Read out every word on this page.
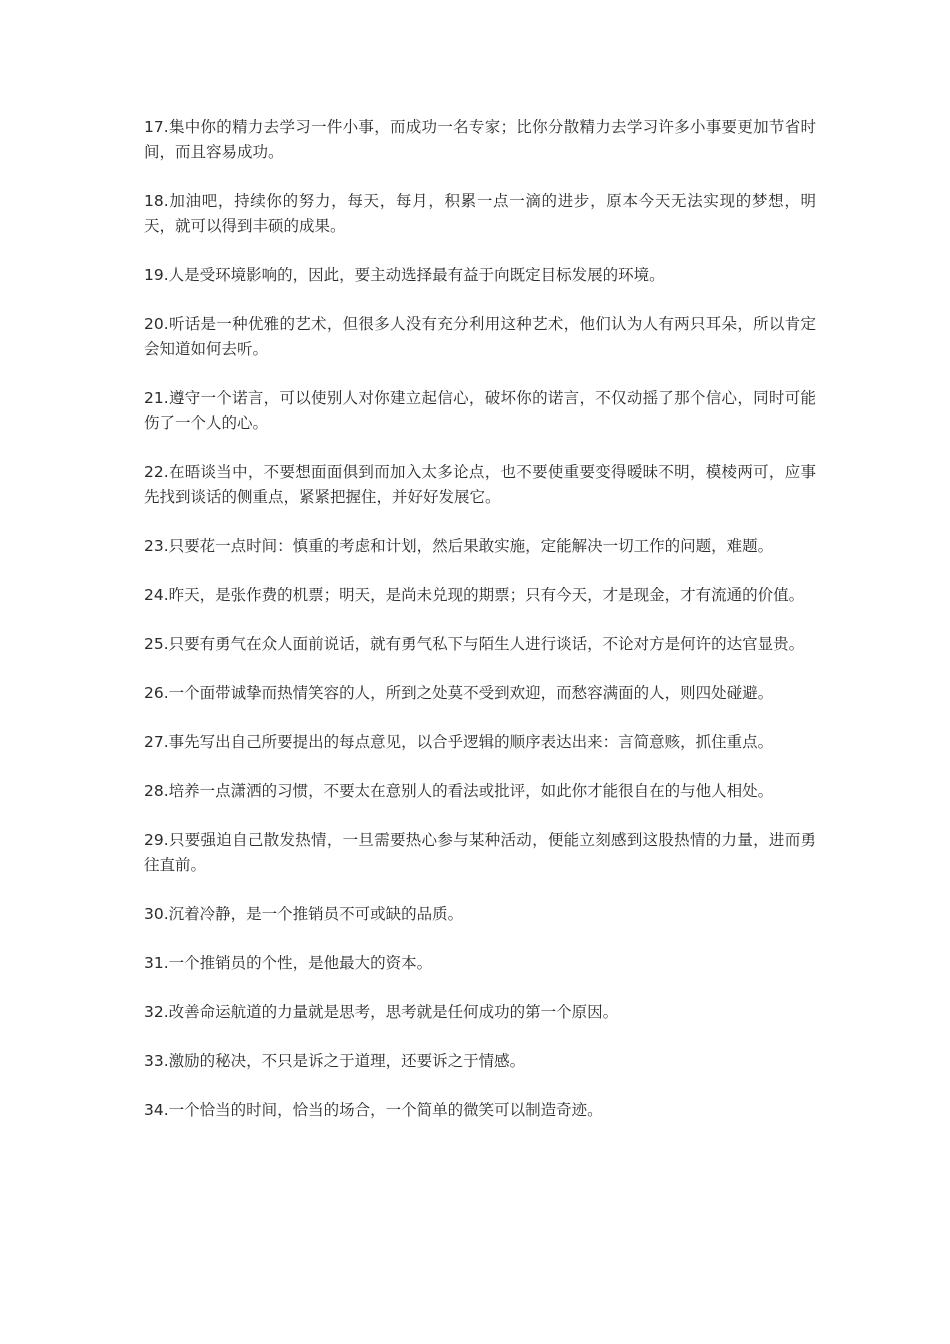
17.集中你的精力去学习一件小事，而成功一名专家；比你分散精力去学习许多小事要更加节省时间，而且容易成功。

18.加油吧，持续你的努力，每天，每月，积累一点一滴的进步，原本今天无法实现的梦想，明天，就可以得到丰硕的成果。

19.人是受环境影响的，因此，要主动选择最有益于向既定目标发展的环境。

20.听话是一种优雅的艺术，但很多人没有充分利用这种艺术，他们认为人有两只耳朵，所以肯定会知道如何去听。

21.遵守一个诺言，可以使别人对你建立起信心，破坏你的诺言，不仅动摇了那个信心，同时可能伤了一个人的心。

22.在晤谈当中，不要想面面俱到而加入太多论点，也不要使重要变得暧昧不明，模棱两可，应事先找到谈话的侧重点，紧紧把握住，并好好发展它。

23.只要花一点时间：慎重的考虑和计划，然后果敢实施，定能解决一切工作的问题，难题。

24.昨天，是张作费的机票；明天，是尚未兑现的期票；只有今天，才是现金，才有流通的价值。

25.只要有勇气在众人面前说话，就有勇气私下与陌生人进行谈话，不论对方是何许的达官显贵。

26.一个面带诚挚而热情笑容的人，所到之处莫不受到欢迎，而愁容满面的人，则四处碰避。

27.事先写出自己所要提出的每点意见，以合乎逻辑的顺序表达出来：言简意赅，抓住重点。

28.培养一点潇洒的习惯，不要太在意别人的看法或批评，如此你才能很自在的与他人相处。

29.只要强迫自己散发热情，一旦需要热心参与某种活动，便能立刻感到这股热情的力量，进而勇往直前。

30.沉着冷静，是一个推销员不可或缺的品质。

31.一个推销员的个性，是他最大的资本。

32.改善命运航道的力量就是思考，思考就是任何成功的第一个原因。

33.激励的秘决，不只是诉之于道理，还要诉之于情感。

34.一个恰当的时间，恰当的场合，一个简单的微笑可以制造奇迹。
